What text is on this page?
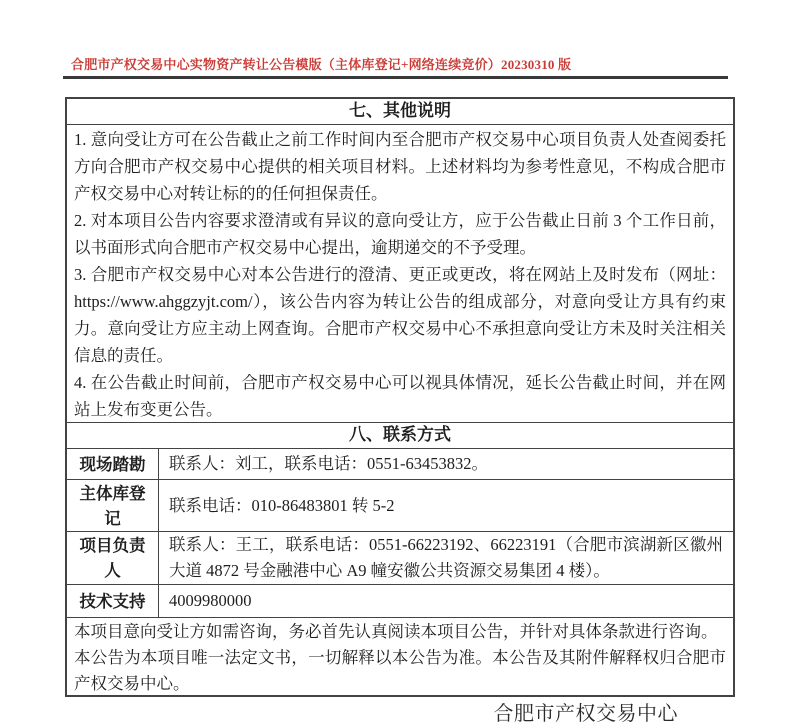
合肥市产权交易中心实物资产转让公告模版（主体库登记+网络连续竞价）20230310 版
七、其他说明

1. 意向受让方可在公告截止之前工作时间内至合肥市产权交易中心项目负责人处查阅委托方向合肥市产权交易中心提供的相关项目材料。上述材料均为参考性意见，不构成合肥市产权交易中心对转让标的的任何担保责任。

2. 对本项目公告内容要求澄清或有异议的意向受让方，应于公告截止日前 3 个工作日前，以书面形式向合肥市产权交易中心提出，逾期递交的不予受理。

3. 合肥市产权交易中心对本公告进行的澄清、更正或更改，将在网站上及时发布（网址：https://www.ahggzyjt.com/），该公告内容为转让公告的组成部分，对意向受让方具有约束力。意向受让方应主动上网查询。合肥市产权交易中心不承担意向受让方未及时关注相关信息的责任。

4. 在公告截止时间前，合肥市产权交易中心可以视具体情况，延长公告截止时间，并在网站上发布变更公告。

八、联系方式
现场踏勘	联系人：刘工，联系电话：0551-63453832。
主体库登记
联系电话：010-86483801 转 5-2
项目负责人
联系人：王工，联系电话：0551-66223192、66223191（合肥市滨湖新区徽州大道 4872 号金融港中心 A9 幢安徽公共资源交易集团 4 楼）。
技术支持	4009980000

本项目意向受让方如需咨询，务必首先认真阅读本项目公告，并针对具体条款进行咨询。

本公告为本项目唯一法定文书，一切解释以本公告为准。本公告及其附件解释权归合肥市产权交易中心。

合肥市产权交易中心
